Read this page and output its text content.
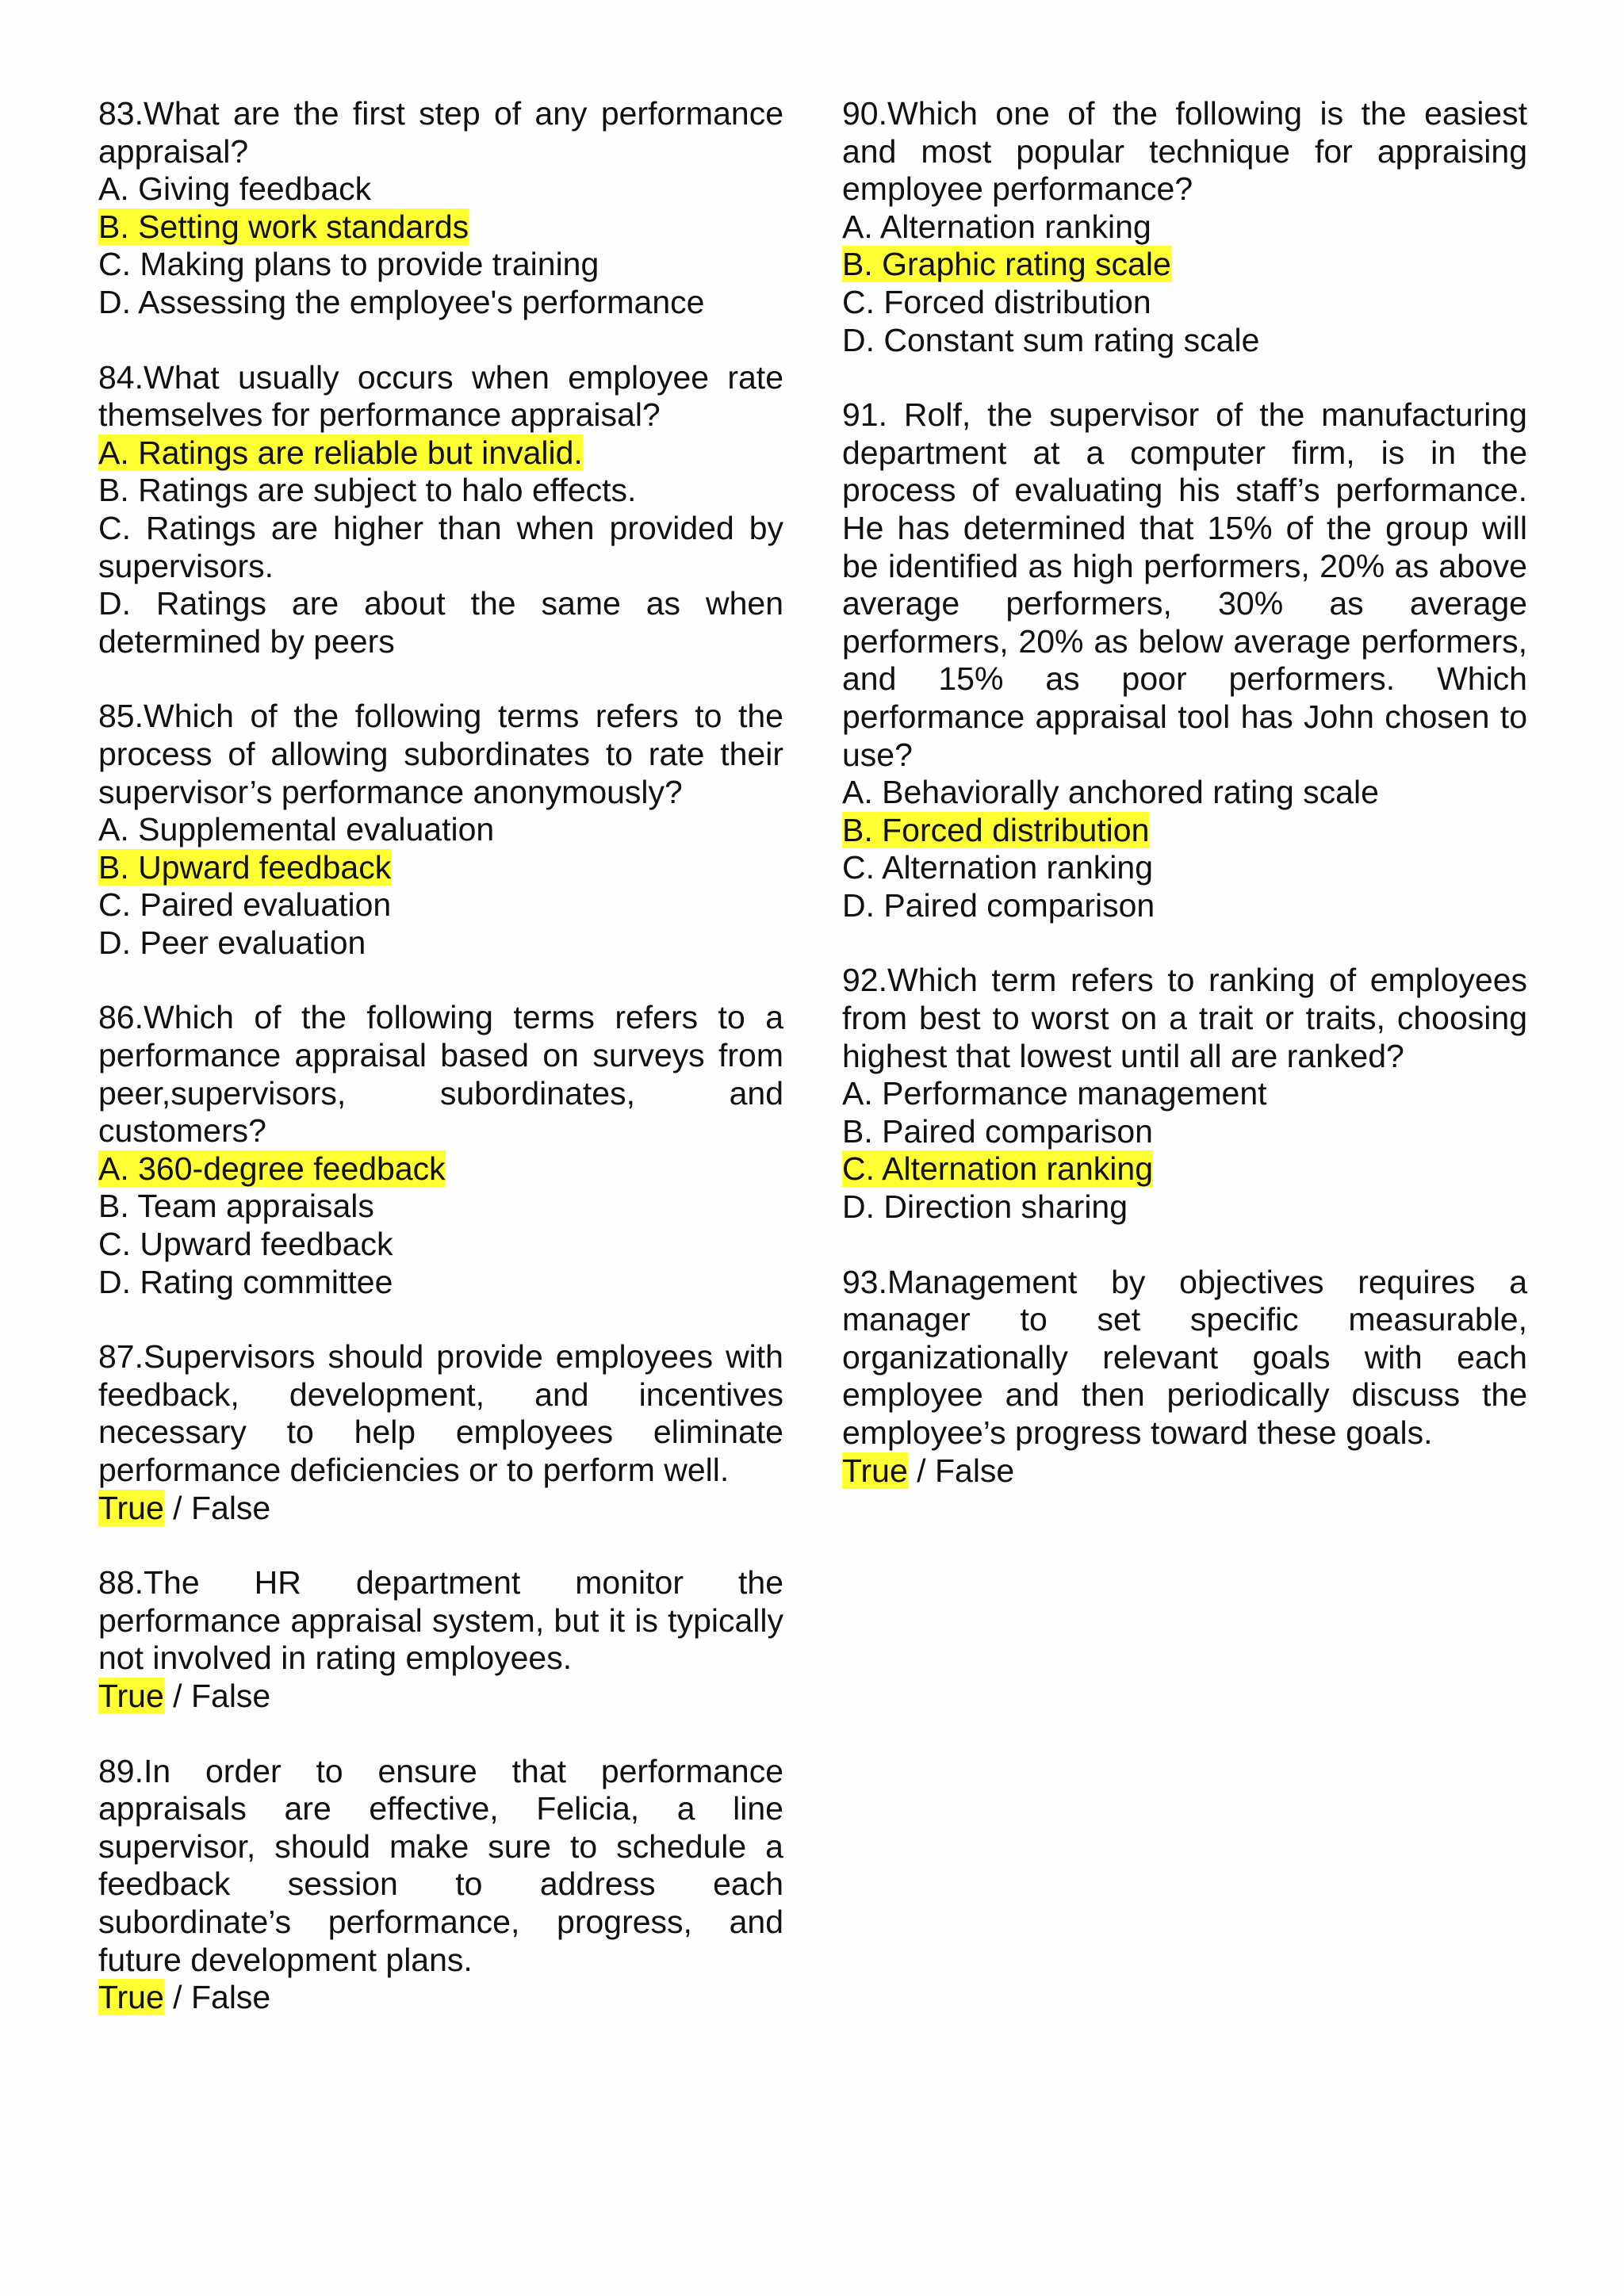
83.What are the first step of any performance appraisal?
A. Giving feedback
B. Setting work standards
C. Making plans to provide training
D. Assessing the employee's performance
84.What usually occurs when employee rate themselves for performance appraisal?
A. Ratings are reliable but invalid.
B. Ratings are subject to halo effects.
C. Ratings are higher than when provided by supervisors.
D. Ratings are about the same as when determined by peers
85.Which of the following terms refers to the process of allowing subordinates to rate their supervisor’s performance anonymously?
A. Supplemental evaluation
B. Upward feedback
C. Paired evaluation
D. Peer evaluation
86.Which of the following terms refers to a performance appraisal based on surveys from peer,supervisors, subordinates, and customers?
A. 360-degree feedback
B. Team appraisals
C. Upward feedback
D. Rating committee
87.Supervisors should provide employees with feedback, development, and incentives necessary to help employees eliminate performance deficiencies or to perform well.
True / False
88.The HR department monitor the performance appraisal system, but it is typically not involved in rating employees.
True / False
89.In order to ensure that performance appraisals are effective, Felicia, a line supervisor, should make sure to schedule a feedback session to address each subordinate’s performance, progress, and future development plans.
True / False
90.Which one of the following is the easiest and most popular technique for appraising employee performance?
A. Alternation ranking
B. Graphic rating scale
C. Forced distribution
D. Constant sum rating scale
91. Rolf, the supervisor of the manufacturing department at a computer firm, is in the process of evaluating his staff’s performance. He has determined that 15% of the group will be identified as high performers, 20% as above average performers, 30% as average performers, 20% as below average performers, and 15% as poor performers. Which performance appraisal tool has John chosen to use?
A. Behaviorally anchored rating scale
B. Forced distribution
C. Alternation ranking
D. Paired comparison
92.Which term refers to ranking of employees from best to worst on a trait or traits, choosing highest that lowest until all are ranked?
A. Performance management
B. Paired comparison
C. Alternation ranking
D. Direction sharing
93.Management by objectives requires a manager to set specific measurable, organizationally relevant goals with each employee and then periodically discuss the employee’s progress toward these goals.
True / False
